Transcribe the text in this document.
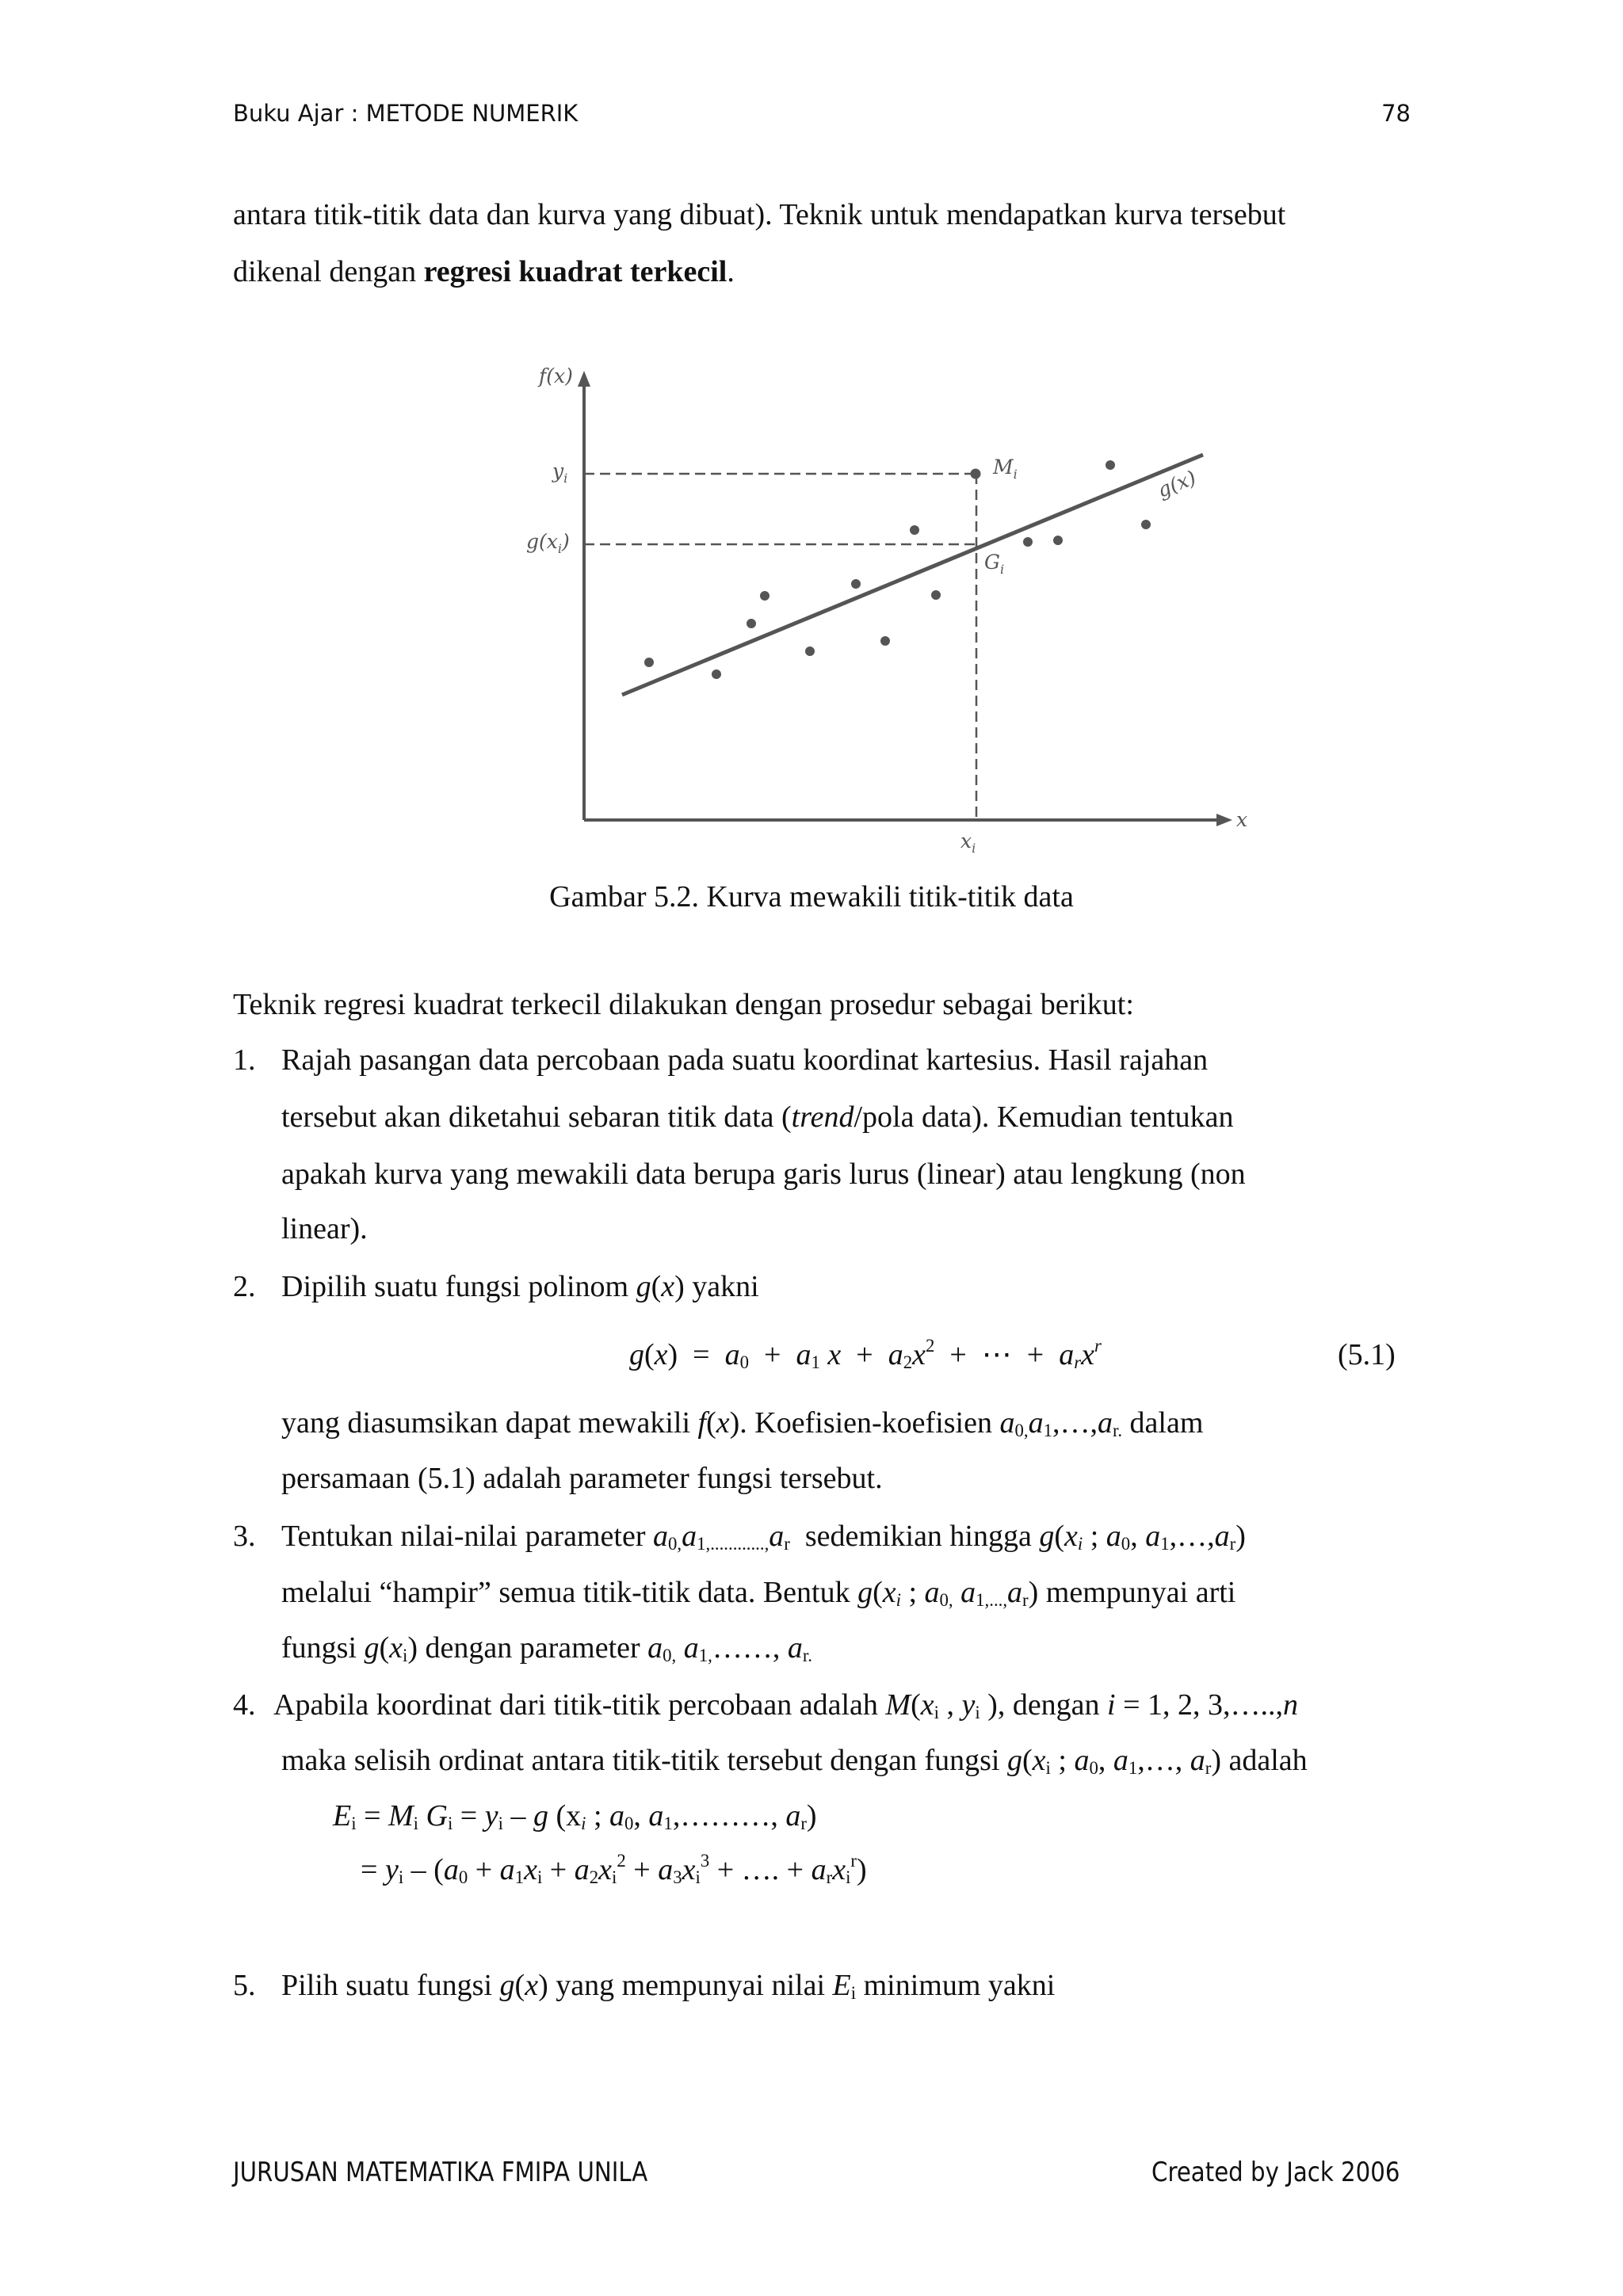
Buku Ajar : METODE NUMERIK	78
antara titik-titik data dan kurva yang dibuat). Teknik untuk mendapatkan kurva tersebut
dikenal dengan regresi kuadrat terkecil.
f(x)
$y_i$
$g(x_i)$
$M_i$
$G_i$
g(x)
x
$x_i$
Gambar 5.2. Kurva mewakili titik-titik data
Teknik regresi kuadrat terkecil dilakukan dengan prosedur sebagai berikut:
1. Rajah pasangan data percobaan pada suatu koordinat kartesius. Hasil rajahan
tersebut akan diketahui sebaran titik data (trend/pola data). Kemudian tentukan
apakah kurva yang mewakili data berupa garis lurus (linear) atau lengkung (non
linear).
2. Dipilih suatu fungsi polinom g(x) yakni
$g(x) = a_0 + a_1$ $x + a_2x^2$  +  ⋯  +  $a_rx^r$	(5.1)
yang diasumsikan dapat mewakili f(x). Koefisien-koefisien $a_{0,}a_1,\dots,a_{r.}$ dalam
persamaan (5.1) adalah parameter fungsi tersebut.
3. Tentukan nilai-nilai parameter $a_{0,}a_{1,............,}a_r$  sedemikian hingga $g(x_i$ ; $a_0$, $a_1,\dots,a_r$)
melalui “hampir” semua titik-titik data. Bentuk $g(x_i$ ; $a_{0,}$ $a_{1,...,}a_r$) mempunyai arti
fungsi $g(x_i)$ dengan parameter $a_{0,}$ $a_{1,}\dots\dots$, $a_{r.}$
4. Apabila koordinat dari titik-titik percobaan adalah $M(x_i$ , $y_i$ ), dengan i = 1, 2, 3,…..,n
maka selisih ordinat antara titik-titik tersebut dengan fungsi $g(x_i$ ; $a_0$, $a_1,\dots$, $a_r$) adalah
$E_i = M_i$ $G_i = y_i - g$ ($x_i$ ; $a_0$, $a_1,\dots\dots\dots$, $a_r$)
= $y_i - (a_0 + a_1x_i + a_2x_i^2 + a_3x_i^3$ + …. + $a_rx_i^r$)
5. Pilih suatu fungsi g(x) yang mempunyai nilai $E_i$ minimum yakni
JURUSAN MATEMATIKA FMIPA UNILA	Created by Jack 2006
